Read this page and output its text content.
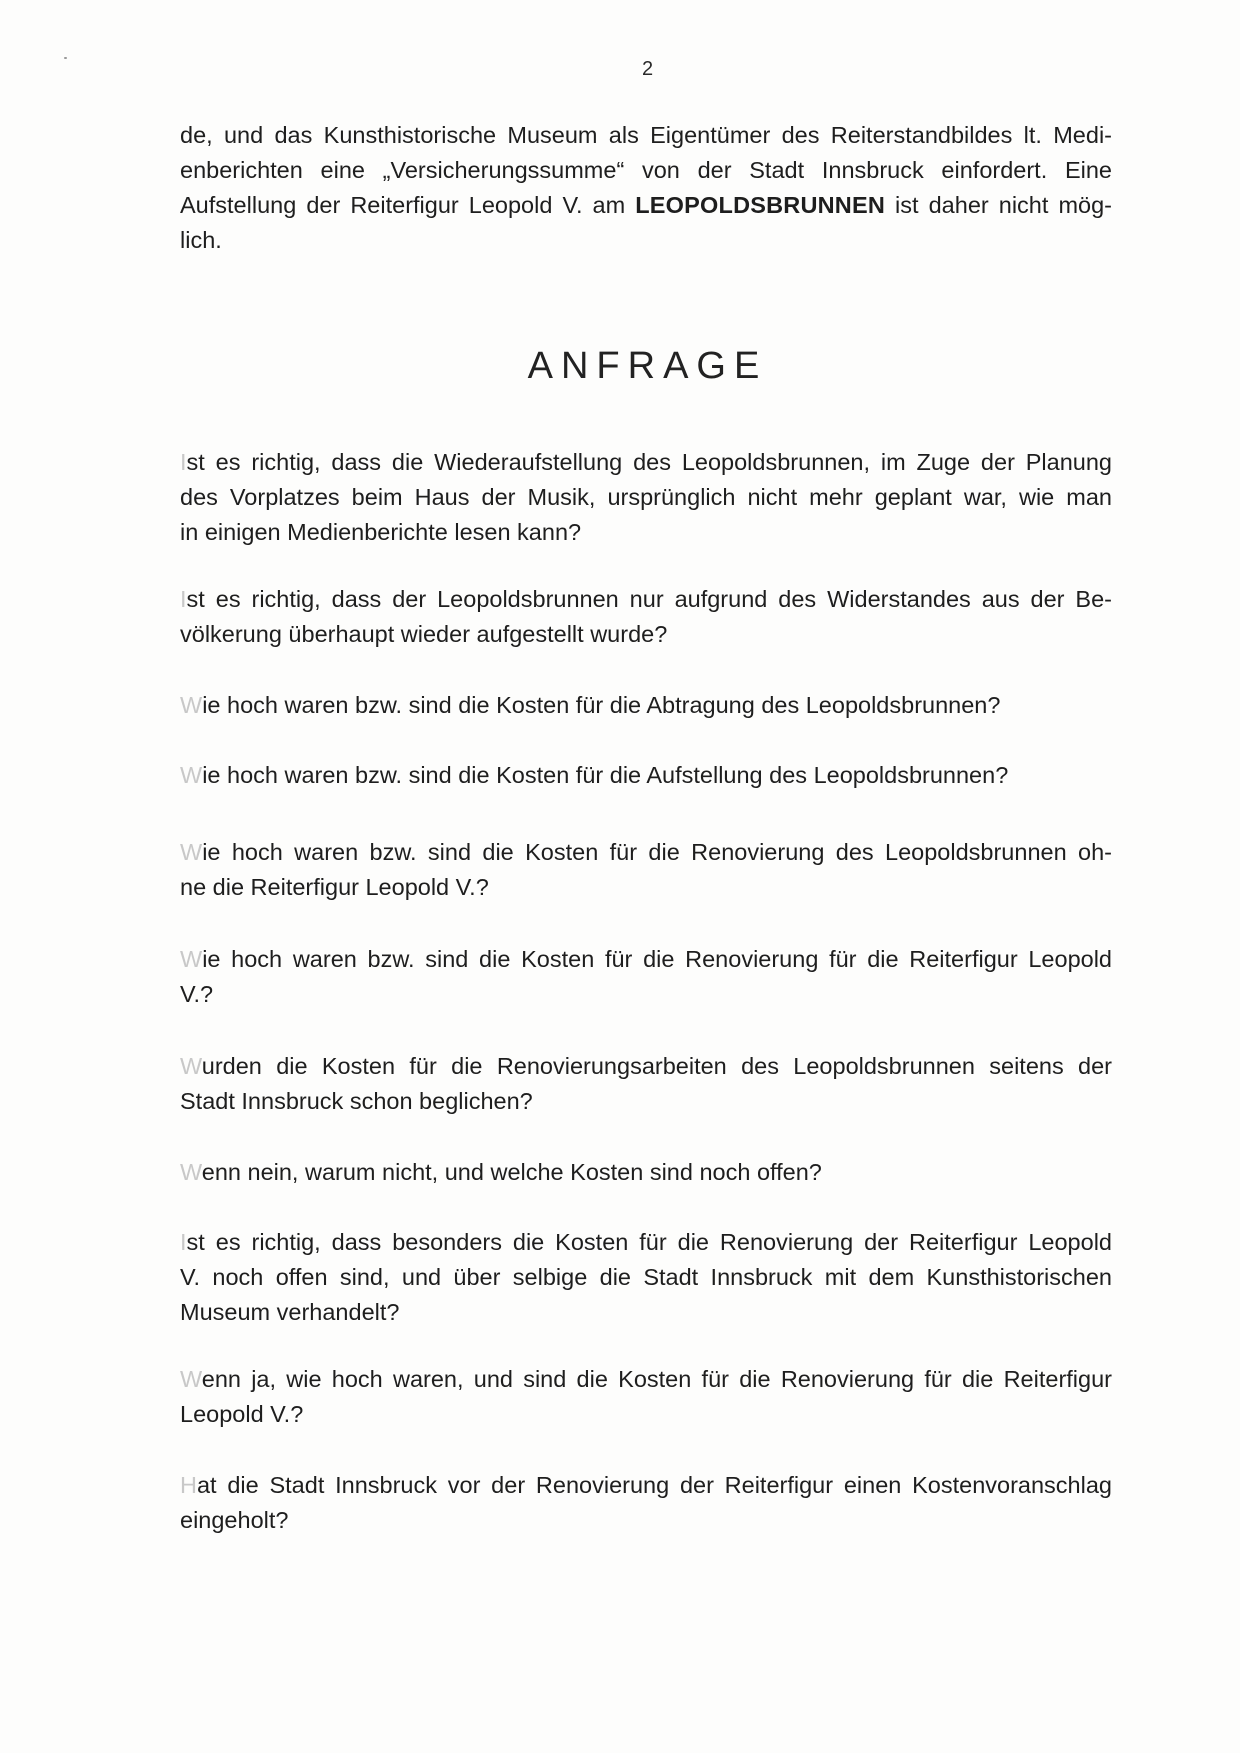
2
de, und das Kunsthistorische Museum als Eigentümer des Reiterstandbildes lt. Medi-
enberichten eine „Versicherungssumme“ von der Stadt Innsbruck einfordert. Eine
Aufstellung der Reiterfigur Leopold V. am LEOPOLDSBRUNNEN ist daher nicht mög-
lich.
ANFRAGE
Ist es richtig, dass die Wiederaufstellung des Leopoldsbrunnen, im Zuge der Planung
des Vorplatzes beim Haus der Musik, ursprünglich nicht mehr geplant war, wie man
in einigen Medienberichte lesen kann?
Ist es richtig, dass der Leopoldsbrunnen nur aufgrund des Widerstandes aus der Be-
völkerung überhaupt wieder aufgestellt wurde?
Wie hoch waren bzw. sind die Kosten für die Abtragung des Leopoldsbrunnen?
Wie hoch waren bzw. sind die Kosten für die Aufstellung des Leopoldsbrunnen?
Wie hoch waren bzw. sind die Kosten für die Renovierung des Leopoldsbrunnen oh-
ne die Reiterfigur Leopold V.?
Wie hoch waren bzw. sind die Kosten für die Renovierung für die Reiterfigur Leopold
V.?
Wurden die Kosten für die Renovierungsarbeiten des Leopoldsbrunnen seitens der
Stadt Innsbruck schon beglichen?
Wenn nein, warum nicht, und welche Kosten sind noch offen?
Ist es richtig, dass besonders die Kosten für die Renovierung der Reiterfigur Leopold
V. noch offen sind, und über selbige die Stadt Innsbruck mit dem Kunsthistorischen
Museum verhandelt?
Wenn ja, wie hoch waren, und sind die Kosten für die Renovierung für die Reiterfigur
Leopold V.?
Hat die Stadt Innsbruck vor der Renovierung der Reiterfigur einen Kostenvoranschlag
eingeholt?
